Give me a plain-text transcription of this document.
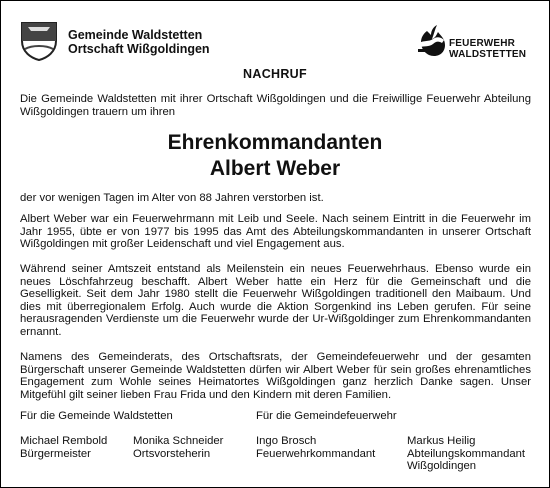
Gemeinde Waldstetten
Ortschaft Wißgoldingen	FEUERWEHR
WALDSTETTEN
NACHRUF

Die Gemeinde Waldstetten mit ihrer Ortschaft Wißgoldingen und die Freiwillige Feuerwehr Abteilung Wißgoldingen trauern um ihren

Ehrenkommandanten
Albert Weber

der vor wenigen Tagen im Alter von 88 Jahren verstorben ist.

Albert Weber war ein Feuerwehrmann mit Leib und Seele. Nach seinem Eintritt in die Feuerwehr im Jahr 1955, übte er von 1977 bis 1995 das Amt des Abteilungskommandanten in unserer Ortschaft Wißgoldingen mit großer Leidenschaft und viel Engagement aus.

Während seiner Amtszeit entstand als Meilenstein ein neues Feuerwehrhaus. Ebenso wurde ein neues Löschfahrzeug beschafft. Albert Weber hatte ein Herz für die Gemeinschaft und die Geselligkeit. Seit dem Jahr 1980 stellt die Feuerwehr Wißgoldingen traditionell den Maibaum. Und dies mit überregionalem Erfolg. Auch wurde die Aktion Sorgenkind ins Leben gerufen. Für seine herausragenden Verdienste um die Feuerwehr wurde der Ur-Wißgoldinger zum Ehrenkommandanten ernannt.

Namens des Gemeinderats, des Ortschaftsrats, der Gemeindefeuerwehr und der gesamten Bürgerschaft unserer Gemeinde Waldstetten dürfen wir Albert Weber für sein großes ehrenamtliches Engagement zum Wohle seines Heimatortes Wißgoldingen ganz herzlich Danke sagen. Unser Mitgefühl gilt seiner lieben Frau Frida und den Kindern mit deren Familien.

Für die Gemeinde Waldstetten	Für die Gemeindefeuerwehr
Michael Rembold
Bürgermeister
Monika Schneider
Ortsvorsteherin
Ingo Brosch
Feuerwehrkommandant
Markus Heilig
Abteilungskommandant
Wißgoldingen
